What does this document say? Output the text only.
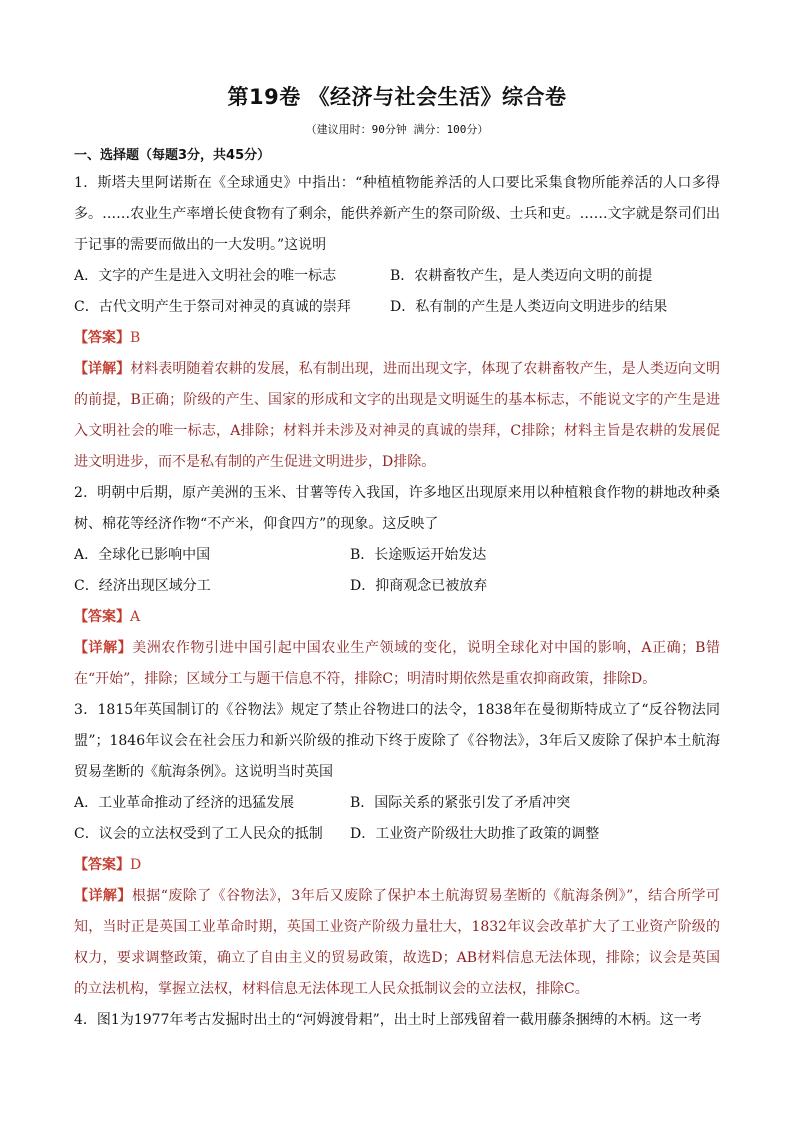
第19卷 《经济与社会生活》综合卷
（建议用时：90分钟 满分：100分）
一、选择题（每题3分，共45分）

1．斯塔夫里阿诺斯在《全球通史》中指出：“种植植物能养活的人口要比采集食物所能养活的人口多得多。……农业生产率增长使食物有了剩余，能供养新产生的祭司阶级、士兵和吏。……文字就是祭司们出于记事的需要而做出的一大发明。”这说明

A．文字的产生是进入文明社会的唯一标志	B．农耕畜牧产生，是人类迈向文明的前提
C．古代文明产生于祭司对神灵的真诚的崇拜	D．私有制的产生是人类迈向文明进步的结果
【答案】B
【详解】材料表明随着农耕的发展，私有制出现，进而出现文字，体现了农耕畜牧产生，是人类迈向文明的前提，B正确；阶级的产生、国家的形成和文字的出现是文明诞生的基本标志，不能说文字的产生是进入文明社会的唯一标志，A排除；材料并未涉及对神灵的真诚的崇拜，C排除；材料主旨是农耕的发展促进文明进步，而不是私有制的产生促进文明进步，D排除。

2．明朝中后期，原产美洲的玉米、甘薯等传入我国，许多地区出现原来用以种植粮食作物的耕地改种桑树、棉花等经济作物“不产米，仰食四方”的现象。这反映了

A．全球化已影响中国	B．长途贩运开始发达
C．经济出现区域分工	D．抑商观念已被放弃
【答案】A
【详解】美洲农作物引进中国引起中国农业生产领域的变化，说明全球化对中国的影响，A正确；B错在“开始”，排除；区域分工与题干信息不符，排除C；明清时期依然是重农抑商政策，排除D。

3．1815年英国制订的《谷物法》规定了禁止谷物进口的法令，1838年在曼彻斯特成立了“反谷物法同盟”；1846年议会在社会压力和新兴阶级的推动下终于废除了《谷物法》，3年后又废除了保护本土航海贸易垄断的《航海条例》。这说明当时英国

A．工业革命推动了经济的迅猛发展	B．国际关系的紧张引发了矛盾冲突
C．议会的立法权受到了工人民众的抵制	D．工业资产阶级壮大助推了政策的调整
【答案】D
【详解】根据“废除了《谷物法》，3年后又废除了保护本土航海贸易垄断的《航海条例》”，结合所学可知，当时正是英国工业革命时期，英国工业资产阶级力量壮大，1832年议会改革扩大了工业资产阶级的权力，要求调整政策，确立了自由主义的贸易政策，故选D；AB材料信息无法体现，排除；议会是英国的立法机构，掌握立法权，材料信息无法体现工人民众抵制议会的立法权，排除C。

4．图1为1977年考古发掘时出土的“河姆渡骨耜”，出土时上部残留着一截用藤条捆缚的木柄。这一考
